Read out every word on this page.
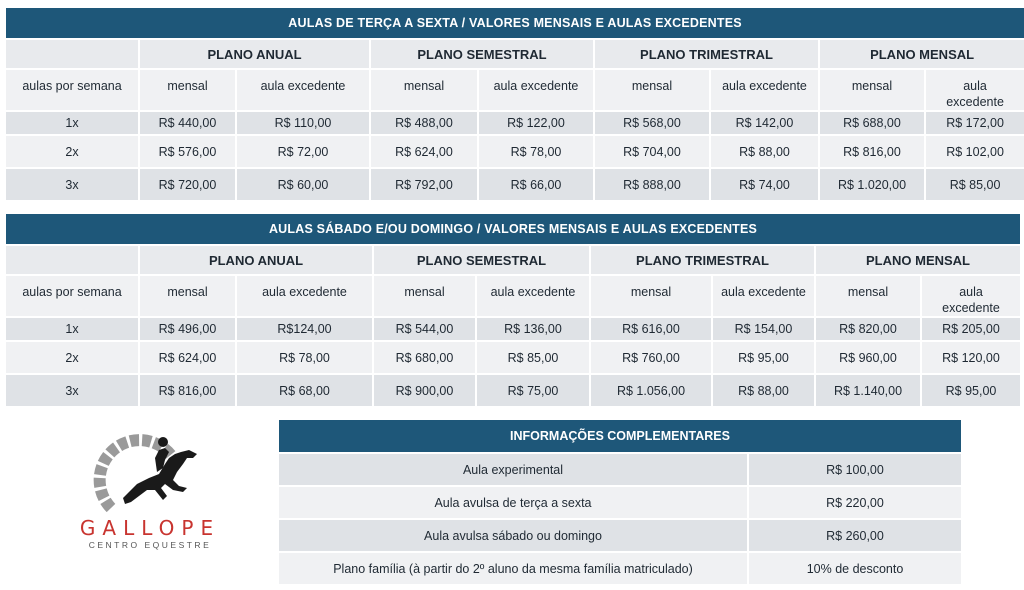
AULAS DE TERÇA A SEXTA / VALORES MENSAIS E AULAS EXCEDENTES								
	PLANO ANUAL		PLANO SEMESTRAL		PLANO TRIMESTRAL		PLANO MENSAL	
aulas por semana	mensal	aula excedente	mensal	aula excedente	mensal	aula excedente	mensal	aula excedente
1x	R$ 440,00	R$ 110,00	R$ 488,00	R$ 122,00	R$ 568,00	R$ 142,00	R$ 688,00	R$ 172,00
2x	R$ 576,00	R$ 72,00	R$ 624,00	R$ 78,00	R$ 704,00	R$ 88,00	R$ 816,00	R$ 102,00
3x	R$ 720,00	R$ 60,00	R$ 792,00	R$ 66,00	R$ 888,00	R$ 74,00	R$ 1.020,00	R$ 85,00
AULAS SÁBADO E/OU DOMINGO / VALORES MENSAIS E AULAS EXCEDENTES								
	PLANO ANUAL		PLANO SEMESTRAL		PLANO TRIMESTRAL		PLANO MENSAL	
aulas por semana	mensal	aula excedente	mensal	aula excedente	mensal	aula excedente	mensal	aula excedente
1x	R$ 496,00	R$124,00	R$ 544,00	R$ 136,00	R$ 616,00	R$ 154,00	R$ 820,00	R$ 205,00
2x	R$ 624,00	R$ 78,00	R$ 680,00	R$ 85,00	R$ 760,00	R$ 95,00	R$ 960,00	R$ 120,00
3x	R$ 816,00	R$ 68,00	R$ 900,00	R$ 75,00	R$ 1.056,00	R$ 88,00	R$ 1.140,00	R$ 95,00
GALLOPE
CENTRO EQUESTRE
INFORMAÇÕES COMPLEMENTARES	
Aula experimental	R$ 100,00
Aula avulsa de terça a sexta	R$ 220,00
Aula avulsa sábado ou domingo	R$ 260,00
Plano família (à partir do 2º aluno da mesma família matriculado)	10% de desconto
